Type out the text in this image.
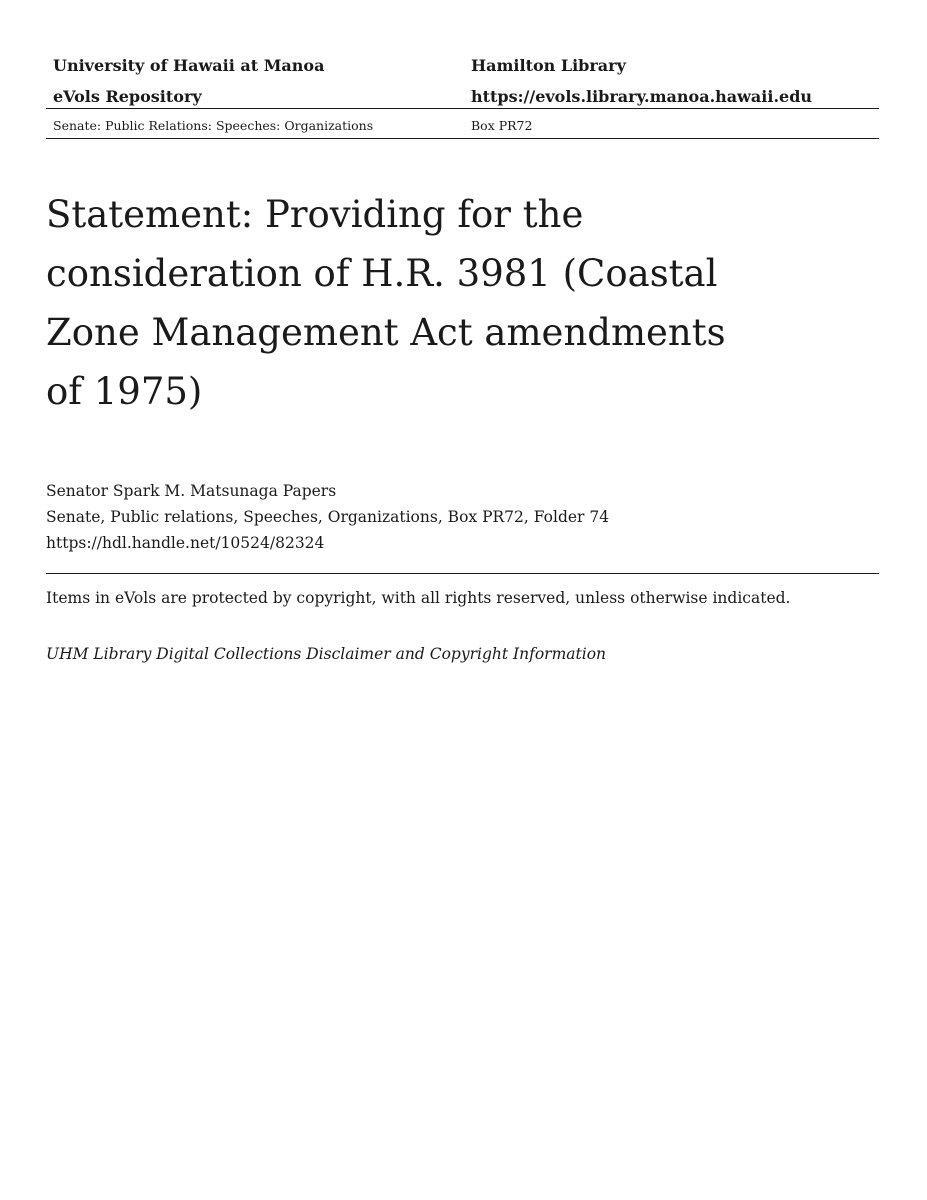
University of Hawaii at Manoa	Hamilton Library
eVols Repository	https://evols.library.manoa.hawaii.edu
Senate: Public Relations: Speeches: Organizations	Box PR72
Statement: Providing for the
consideration of H.R. 3981 (Coastal
Zone Management Act amendments
of 1975)
Senator Spark M. Matsunaga Papers
Senate, Public relations, Speeches, Organizations, Box PR72, Folder 74
https://hdl.handle.net/10524/82324
Items in eVols are protected by copyright, with all rights reserved, unless otherwise indicated.
UHM Library Digital Collections Disclaimer and Copyright Information
